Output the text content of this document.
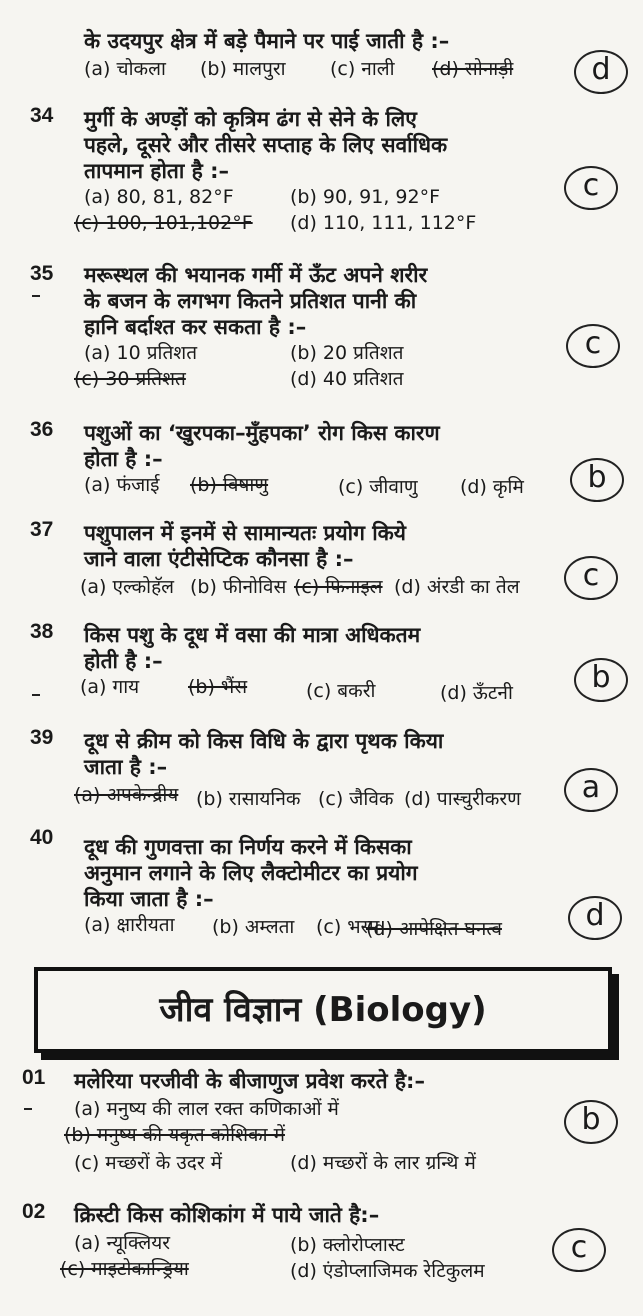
के उदयपुर क्षेत्र में बड़े पैमाने पर पाई जाती है :–
(a) चोकला (b) मालपुरा (c) नाली (d) सोनाड़ी	d
34 मुर्गी के अण्ड़ों को कृत्रिम ढंग से सेने के लिए
पहले, दूसरे और तीसरे सप्ताह के लिए सर्वाधिक
तापमान होता है :–
(a) 80, 81, 82°F	(b) 90, 91, 92°F
(c) 100, 101,102°F (d) 110, 111, 112°F
c
35 मरूस्थल की भयानक गर्मी में ऊँट अपने शरीर
के बजन के लगभग कितने प्रतिशत पानी की
हानि बर्दाश्त कर सकता है :–
(a) 10 प्रतिशत	(b) 20 प्रतिशत
(c) 30 प्रतिशत	(d) 40 प्रतिशत
c
36 पशुओं का ‘खुरपका–मुँहपका’ रोग किस कारण
होता है :–
(a) फंजाई (b) विषाणु	(c) जीवाणु (d) कृमि	b
37 पशुपालन में इनमें से सामान्यतः प्रयोग किये
जाने वाला एंटीसेप्टिक कौनसा है :–
(a) एल्कोहॅल (b) फीनोविस (c) फिनाइल (d) अंरडी का तेल	c
38 किस पशु के दूध में वसा की मात्रा अधिकतम
होती है :–
(a) गाय	(b) भैंस	(c) बकरी	(d) ऊँटनी	b
39 दूध से क्रीम को किस विधि के द्वारा पृथक किया
जाता है :–
(a) अपकेन्द्रीय (b) रासायनिक (c) जैविक (d) पास्चुरीकरण	a
40 दूध की गुणवत्ता का निर्णय करने में किसका
अनुमान लगाने के लिए लैक्टोमीटर का प्रयोग
किया जाता है :–
(a) क्षारीयता (b) अम्लता (c) भस्म
(d) आपेक्षित घनत्व	d
जीव विज्ञान (Biology)
01 मलेरिया परजीवी के बीजाणुज प्रवेश करते है:–
(a) मनुष्य की लाल रक्त कणिकाओं में
(b) मनुष्य की यकृत कोशिका में
(c) मच्छरों के उदर में	(d) मच्छरों के लार ग्रन्थि में
b
02 क्रिस्टी किस कोशिकांग में पाये जाते है:–
(a) न्यूक्लियर	(b) क्लोरोप्लास्ट
(c) माइटोकान्ड्रिया	(d) एंडोप्लाजिमक रेटिकुलम
c
